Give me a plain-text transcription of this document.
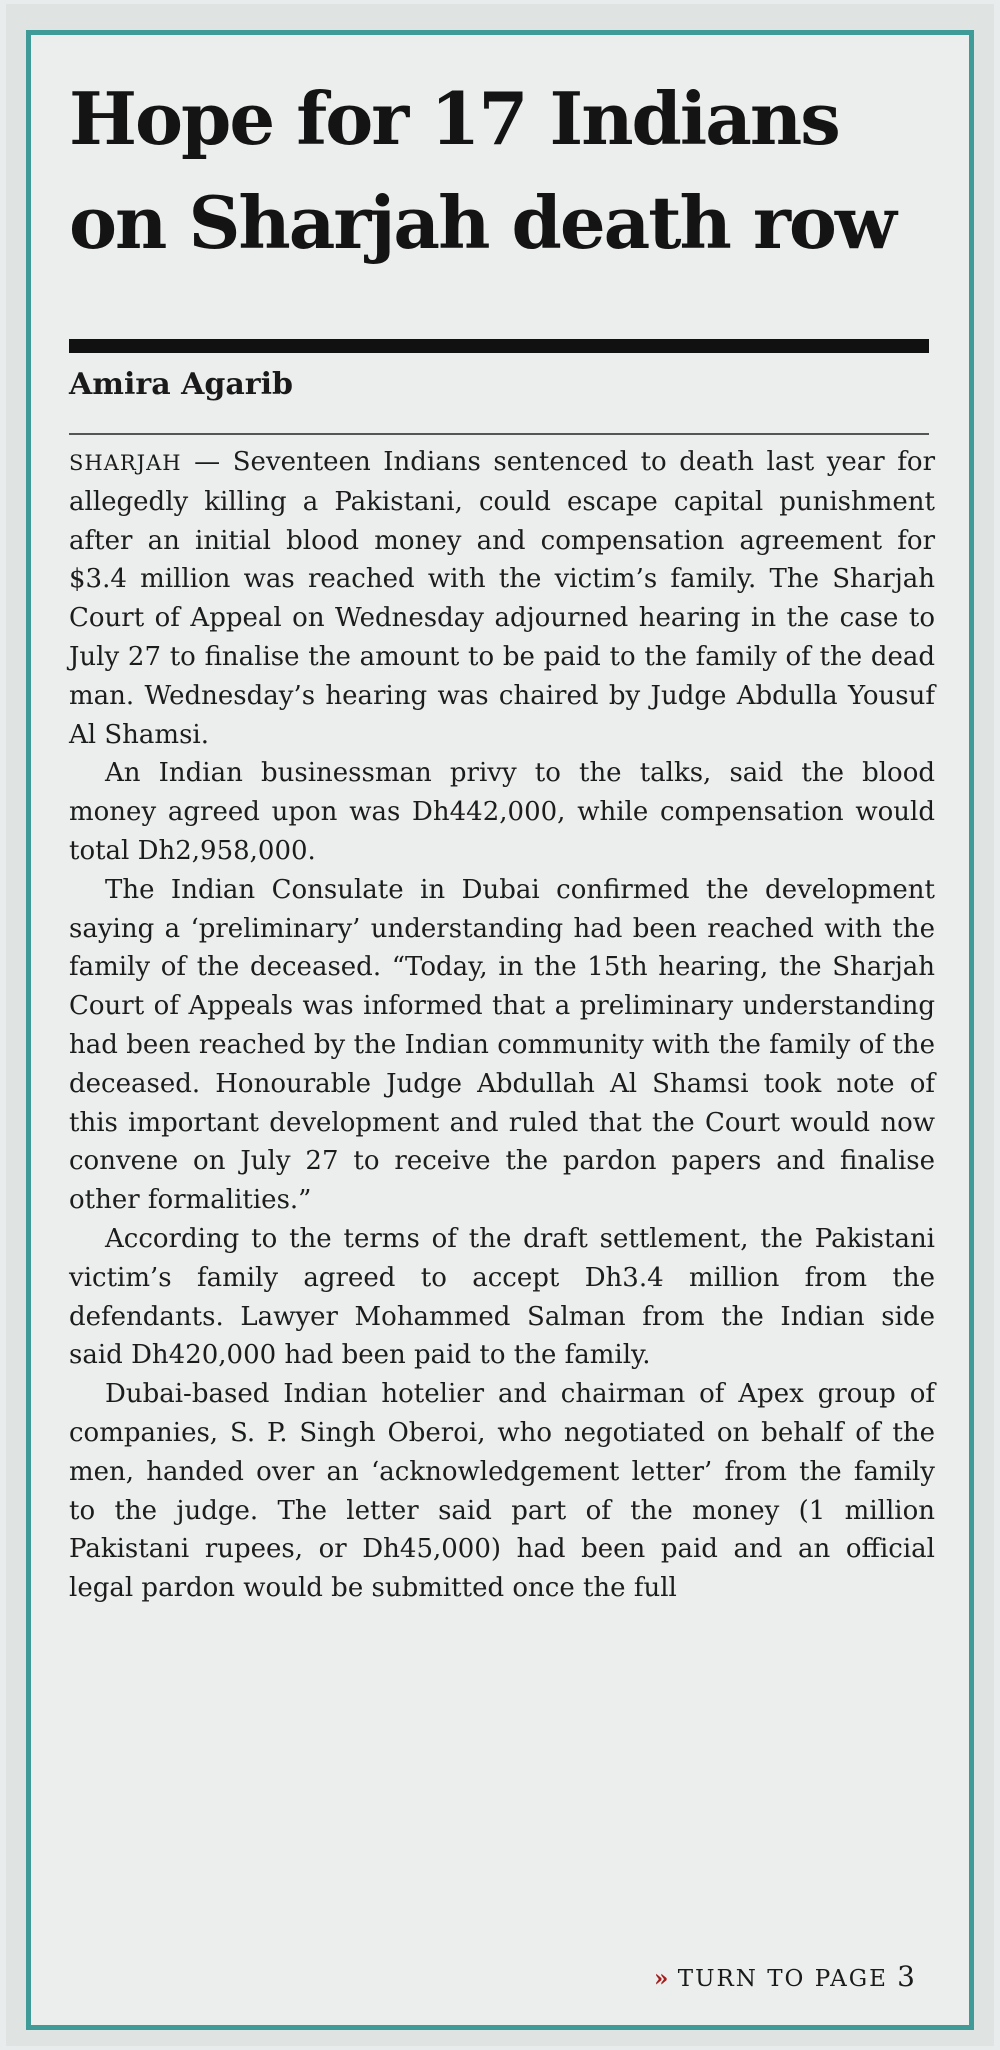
Hope for 17 Indians
on Sharjah death row
Amira Agarib

SHARJAH — Seventeen Indians sentenced to death last year for allegedly killing a Pakistani, could escape capital punishment after an initial blood money and compensation agreement for $3.4 million was reached with the victim’s family. The Sharjah Court of Appeal on Wednesday adjourned hearing in the case to July 27 to finalise the amount to be paid to the family of the dead man. Wednesday’s hearing was chaired by Judge Abdulla Yousuf Al Shamsi.

An Indian businessman privy to the talks, said the blood money agreed upon was Dh442,000, while compensation would total Dh2,958,000.

The Indian Consulate in Dubai confirmed the development saying a ‘preliminary’ understanding had been reached with the family of the deceased. “Today, in the 15th hearing, the Sharjah Court of Appeals was informed that a preliminary understanding had been reached by the Indian community with the family of the deceased. Honourable Judge Abdullah Al Shamsi took note of this important development and ruled that the Court would now convene on July 27 to receive the pardon papers and finalise other formalities.”

According to the terms of the draft settlement, the Pakistani victim’s family agreed to accept Dh3.4 million from the defendants. Lawyer Mohammed Salman from the Indian side said Dh420,000 had been paid to the family.

Dubai-based Indian hotelier and chairman of Apex group of companies, S. P. Singh Oberoi, who negotiated on behalf of the men, handed over an ‘acknowledgement letter’ from the family to the judge. The letter said part of the money (1 million Pakistani rupees, or Dh45,000) had been paid and an official legal pardon would be submitted once the full

» TURN TO PAGE 3
